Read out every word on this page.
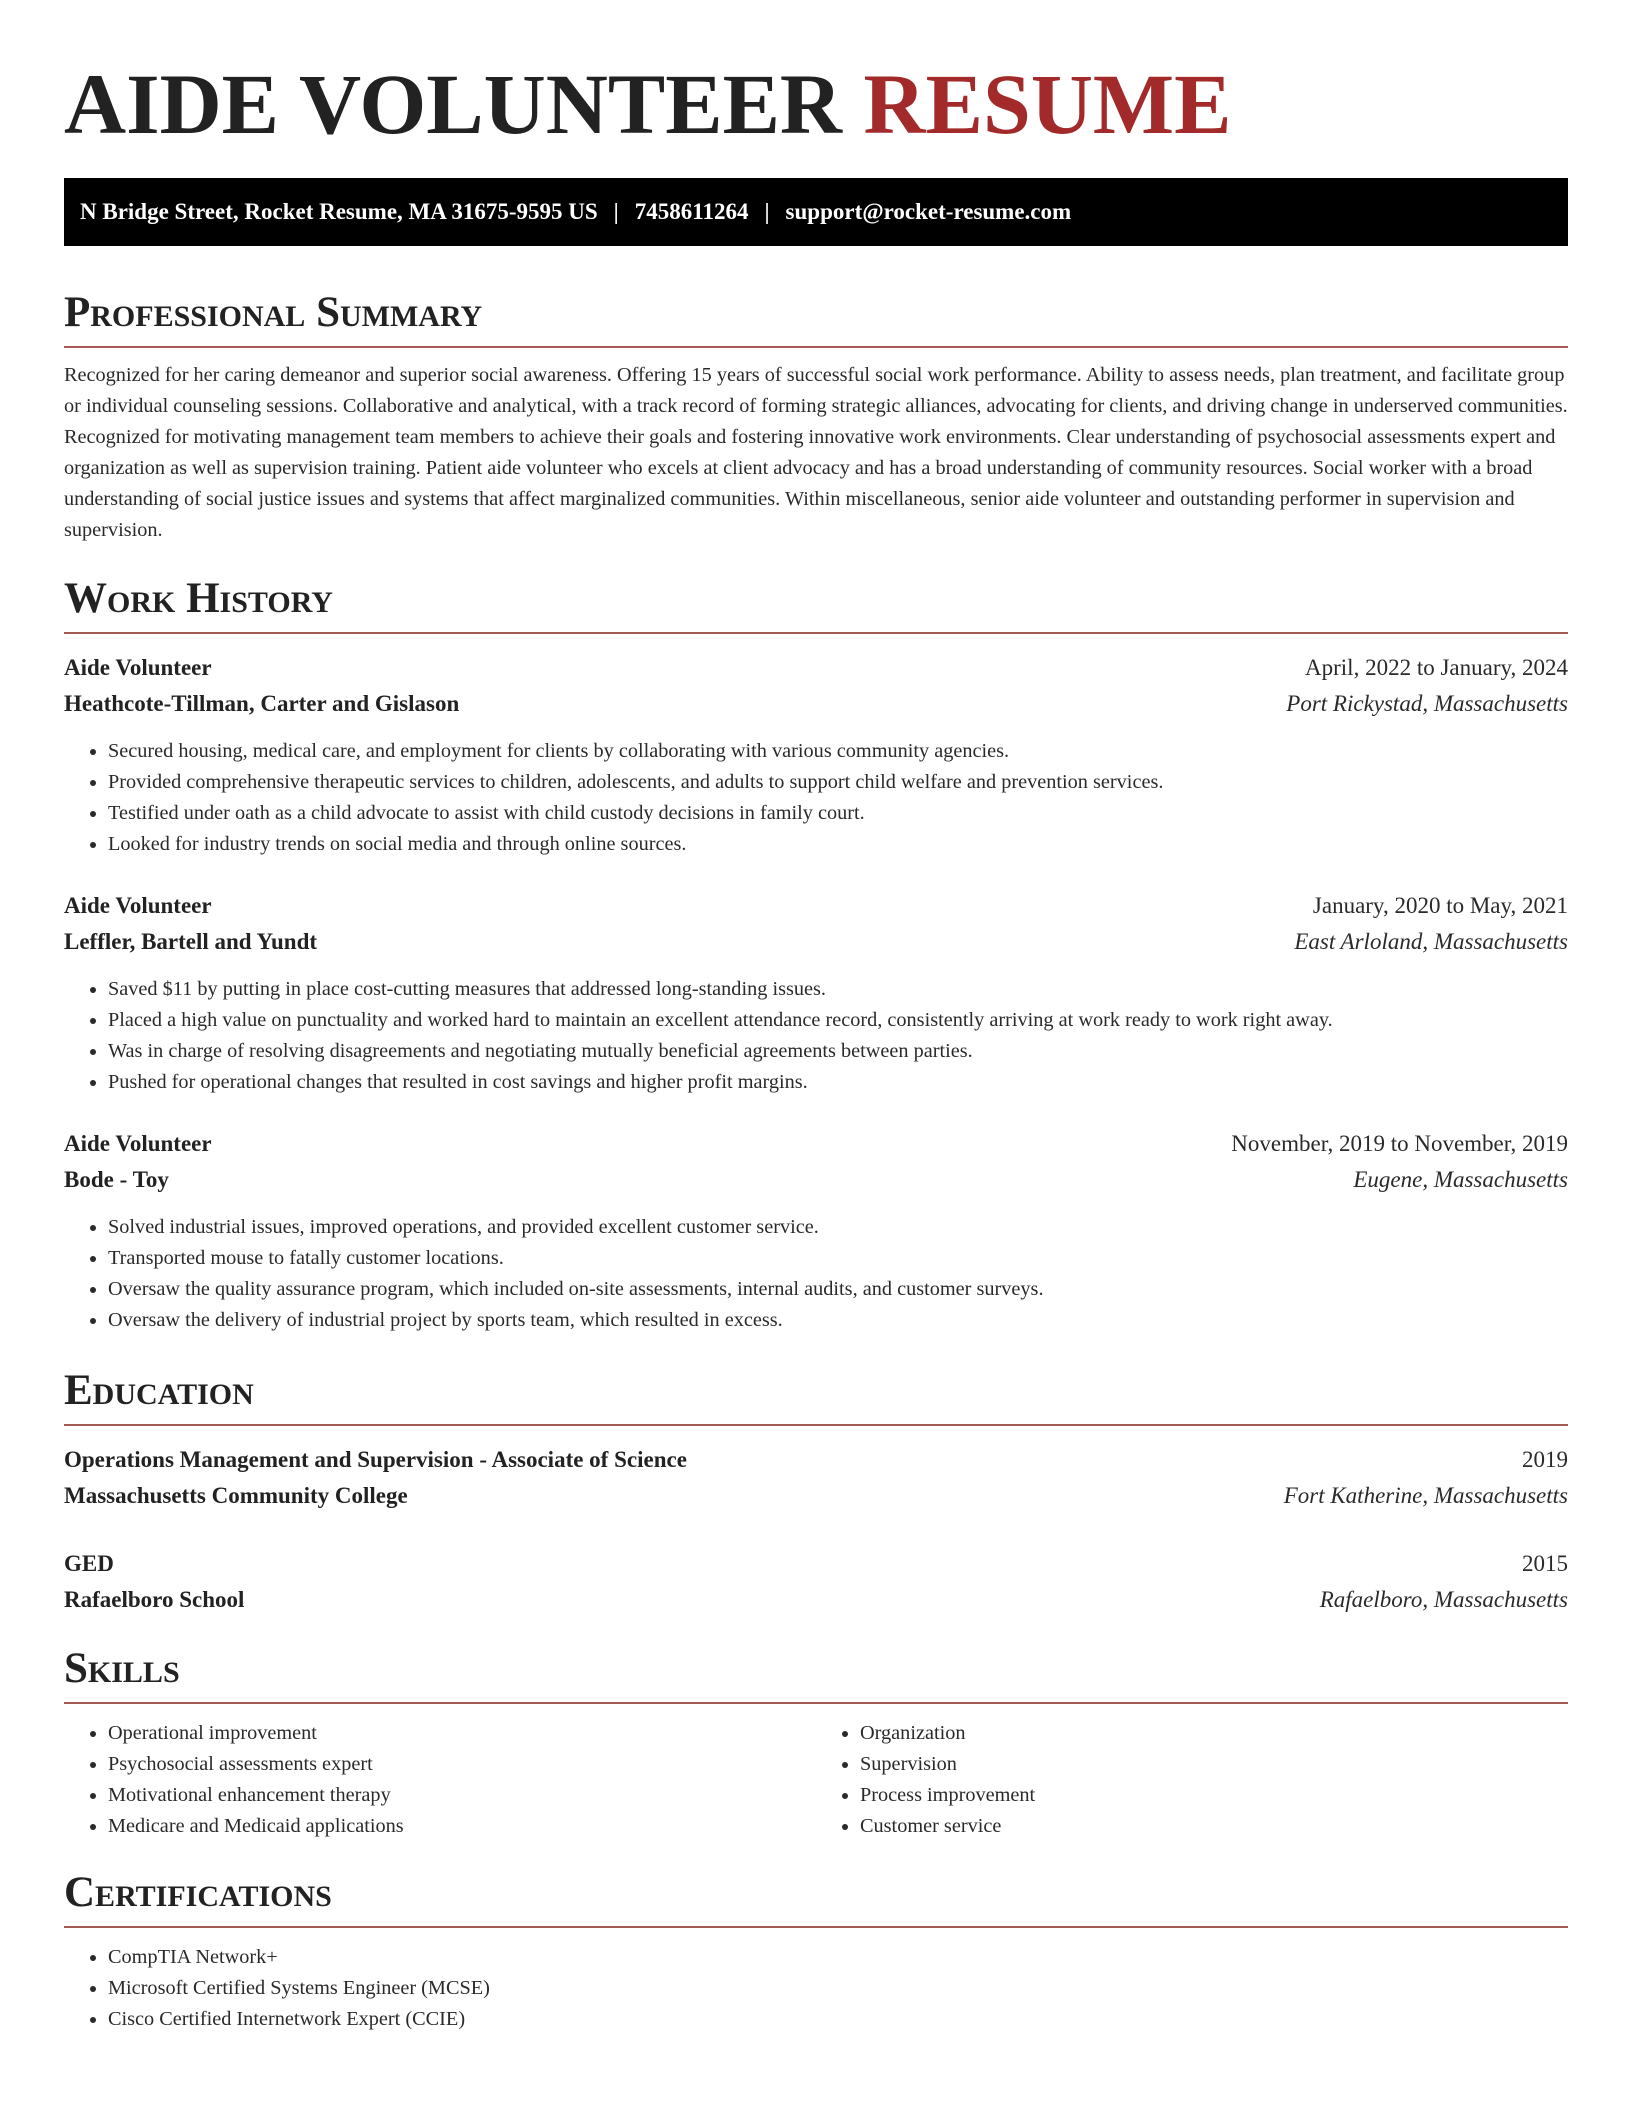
AIDE VOLUNTEER RESUME
N Bridge Street, Rocket Resume, MA 31675-9595 US | 7458611264 | support@rocket-resume.com
Professional Summary

Recognized for her caring demeanor and superior social awareness. Offering 15 years of successful social work performance. Ability to assess needs, plan treatment, and facilitate group or individual counseling sessions. Collaborative and analytical, with a track record of forming strategic alliances, advocating for clients, and driving change in underserved communities. Recognized for motivating management team members to achieve their goals and fostering innovative work environments. Clear understanding of psychosocial assessments expert and organization as well as supervision training. Patient aide volunteer who excels at client advocacy and has a broad understanding of community resources. Social worker with a broad understanding of social justice issues and systems that affect marginalized communities. Within miscellaneous, senior aide volunteer and outstanding performer in supervision and supervision.

Work History
Aide Volunteer	April, 2022 to January, 2024
Heathcote-Tillman, Carter and Gislason	Port Rickystad, Massachusetts
• Secured housing, medical care, and employment for clients by collaborating with various community agencies.
• Provided comprehensive therapeutic services to children, adolescents, and adults to support child welfare and prevention services.
• Testified under oath as a child advocate to assist with child custody decisions in family court.
• Looked for industry trends on social media and through online sources.
Aide Volunteer	January, 2020 to May, 2021
Leffler, Bartell and Yundt	East Arloland, Massachusetts
• Saved $11 by putting in place cost-cutting measures that addressed long-standing issues.
• Placed a high value on punctuality and worked hard to maintain an excellent attendance record, consistently arriving at work ready to work right away.
• Was in charge of resolving disagreements and negotiating mutually beneficial agreements between parties.
• Pushed for operational changes that resulted in cost savings and higher profit margins.
Aide Volunteer	November, 2019 to November, 2019
Bode - Toy	Eugene, Massachusetts
• Solved industrial issues, improved operations, and provided excellent customer service.
• Transported mouse to fatally customer locations.
• Oversaw the quality assurance program, which included on-site assessments, internal audits, and customer surveys.
• Oversaw the delivery of industrial project by sports team, which resulted in excess.
Education
Operations Management and Supervision - Associate of Science	2019
Massachusetts Community College	Fort Katherine, Massachusetts
GED	2015
Rafaelboro School	Rafaelboro, Massachusetts
Skills
• Operational improvement
• Psychosocial assessments expert
• Motivational enhancement therapy
• Medicare and Medicaid applications
• Organization
• Supervision
• Process improvement
• Customer service
Certifications
• CompTIA Network+
• Microsoft Certified Systems Engineer (MCSE)
• Cisco Certified Internetwork Expert (CCIE)
